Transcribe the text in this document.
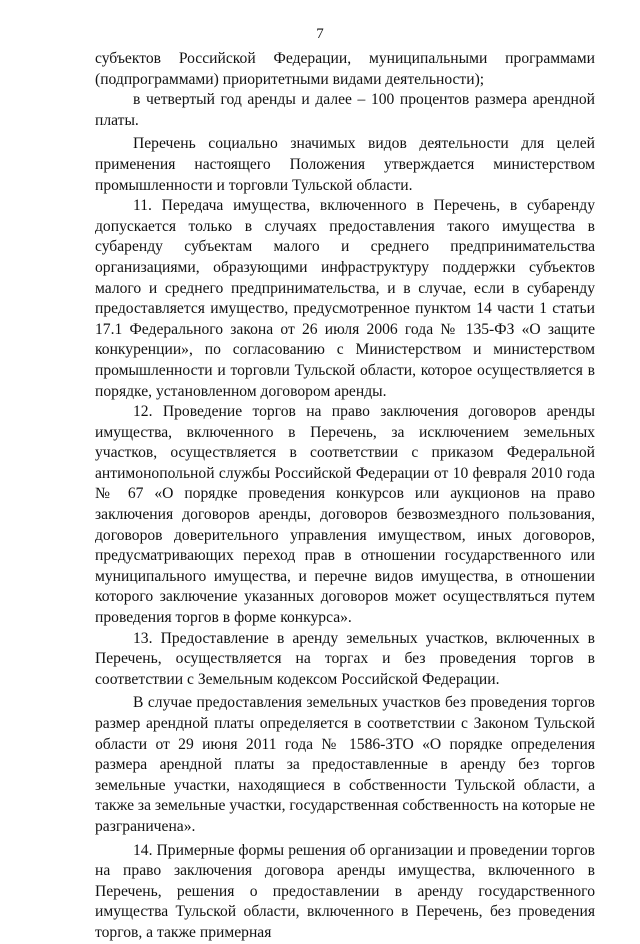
7

субъектов Российской Федерации, муниципальными программами (подпрограммами) приоритетными видами деятельности);

в четвертый год аренды и далее – 100 процентов размера арендной платы.

Перечень социально значимых видов деятельности для целей применения настоящего Положения утверждается министерством промышленности и торговли Тульской области.

11. Передача имущества, включенного в Перечень, в субаренду допускается только в случаях предоставления такого имущества в субаренду субъектам малого и среднего предпринимательства организациями, образующими инфраструктуру поддержки субъектов малого и среднего предпринимательства, и в случае, если в субаренду предоставляется имущество, предусмотренное пунктом 14 части 1 статьи 17.1 Федерального закона от 26 июля 2006 года № 135-ФЗ «О защите конкуренции», по согласованию с Министерством и министерством промышленности и торговли Тульской области, которое осуществляется в порядке, установленном договором аренды.

12. Проведение торгов на право заключения договоров аренды имущества, включенного в Перечень, за исключением земельных участков, осуществляется в соответствии с приказом Федеральной антимонопольной службы Российской Федерации от 10 февраля 2010 года № 67 «О порядке проведения конкурсов или аукционов на право заключения договоров аренды, договоров безвозмездного пользования, договоров доверительного управления имуществом, иных договоров, предусматривающих переход прав в отношении государственного или муниципального имущества, и перечне видов имущества, в отношении которого заключение указанных договоров может осуществляться путем проведения торгов в форме конкурса».

13. Предоставление в аренду земельных участков, включенных в Перечень, осуществляется на торгах и без проведения торгов в соответствии с Земельным кодексом Российской Федерации.

В случае предоставления земельных участков без проведения торгов размер арендной платы определяется в соответствии с Законом Тульской области от 29 июня 2011 года № 1586-ЗТО «О порядке определения размера арендной платы за предоставленные в аренду без торгов земельные участки, находящиеся в собственности Тульской области, а также за земельные участки, государственная собственность на которые не разграничена».

14. Примерные формы решения об организации и проведении торгов на право заключения договора аренды имущества, включенного в Перечень, решения о предоставлении в аренду государственного имущества Тульской области, включенного в Перечень, без проведения торгов, а также примерная
